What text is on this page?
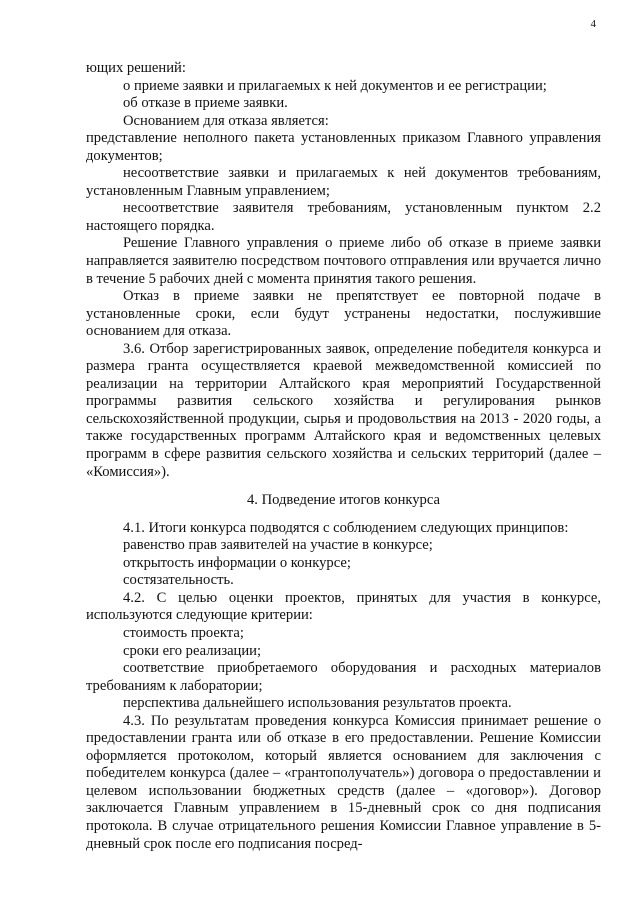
4

ющих решений:

о приеме заявки и прилагаемых к ней документов и ее регистрации;

об отказе в приеме заявки.

Основанием для отказа является:

представление неполного пакета установленных приказом Главного управления документов;

несоответствие заявки и прилагаемых к ней документов требованиям, установленным Главным управлением;

несоответствие заявителя требованиям, установленным пунктом 2.2 настоящего порядка.

Решение Главного управления о приеме либо об отказе в приеме заявки направляется заявителю посредством почтового отправления или вручается лично в течение 5 рабочих дней с момента принятия такого решения.

Отказ в приеме заявки не препятствует ее повторной подаче в установленные сроки, если будут устранены недостатки, послужившие основанием для отказа.

3.6. Отбор зарегистрированных заявок, определение победителя конкурса и размера гранта осуществляется краевой межведомственной комиссией по реализации на территории Алтайского края мероприятий Государственной программы развития сельского хозяйства и регулирования рынков сельскохозяйственной продукции, сырья и продовольствия на 2013 - 2020 годы, а также государственных программ Алтайского края и ведомственных целевых программ в сфере развития сельского хозяйства и сельских территорий (далее – «Комиссия»).

4. Подведение итогов конкурса

4.1. Итоги конкурса подводятся с соблюдением следующих принципов:

равенство прав заявителей на участие в конкурсе;

открытость информации о конкурсе;

состязательность.

4.2. С целью оценки проектов, принятых для участия в конкурсе, используются следующие критерии:

стоимость проекта;

сроки его реализации;

соответствие приобретаемого оборудования и расходных материалов требованиям к лаборатории;

перспектива дальнейшего использования результатов проекта.

4.3. По результатам проведения конкурса Комиссия принимает решение о предоставлении гранта или об отказе в его предоставлении. Решение Комиссии оформляется протоколом, который является основанием для заключения с победителем конкурса (далее – «грантополучатель») договора о предоставлении и целевом использовании бюджетных средств (далее – «договор»). Договор заключается Главным управлением в 15-дневный срок со дня подписания протокола. В случае отрицательного решения Комиссии Главное управление в 5-дневный срок после его подписания посред-
